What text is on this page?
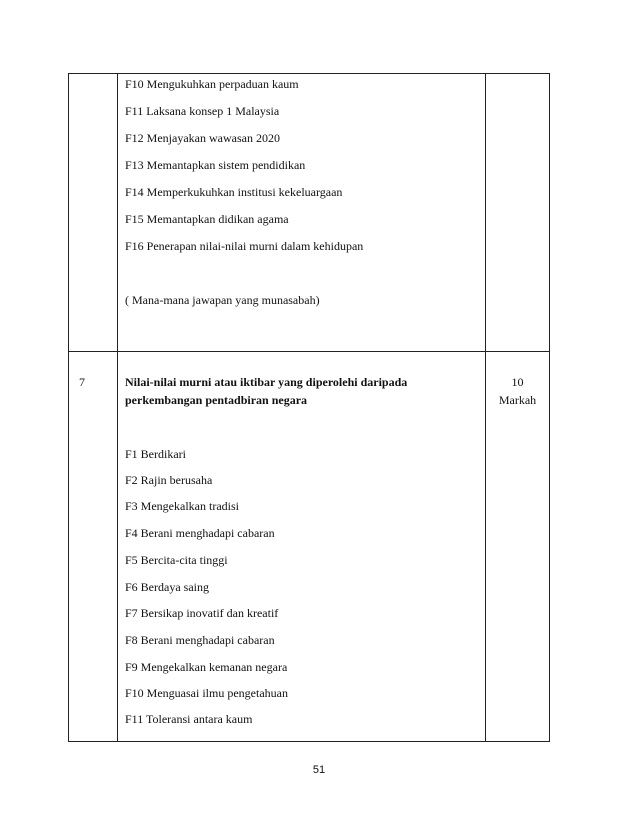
F10 Mengukuhkan perpaduan kaum
F11 Laksana konsep 1 Malaysia
F12 Menjayakan wawasan 2020
F13 Memantapkan sistem pendidikan
F14 Memperkukuhkan institusi kekeluargaan
F15 Memantapkan didikan agama
F16 Penerapan nilai-nilai murni dalam kehidupan
( Mana-mana jawapan yang munasabah)
7	Nilai-nilai murni atau iktibar yang diperolehi daripada
perkembangan pentadbiran negara
10
Markah
F1 Berdikari
F2 Rajin berusaha
F3 Mengekalkan tradisi
F4 Berani menghadapi cabaran
F5 Bercita-cita tinggi
F6 Berdaya saing
F7 Bersikap inovatif dan kreatif
F8 Berani menghadapi cabaran
F9 Mengekalkan kemanan negara
F10 Menguasai ilmu pengetahuan
F11 Toleransi antara kaum
51
